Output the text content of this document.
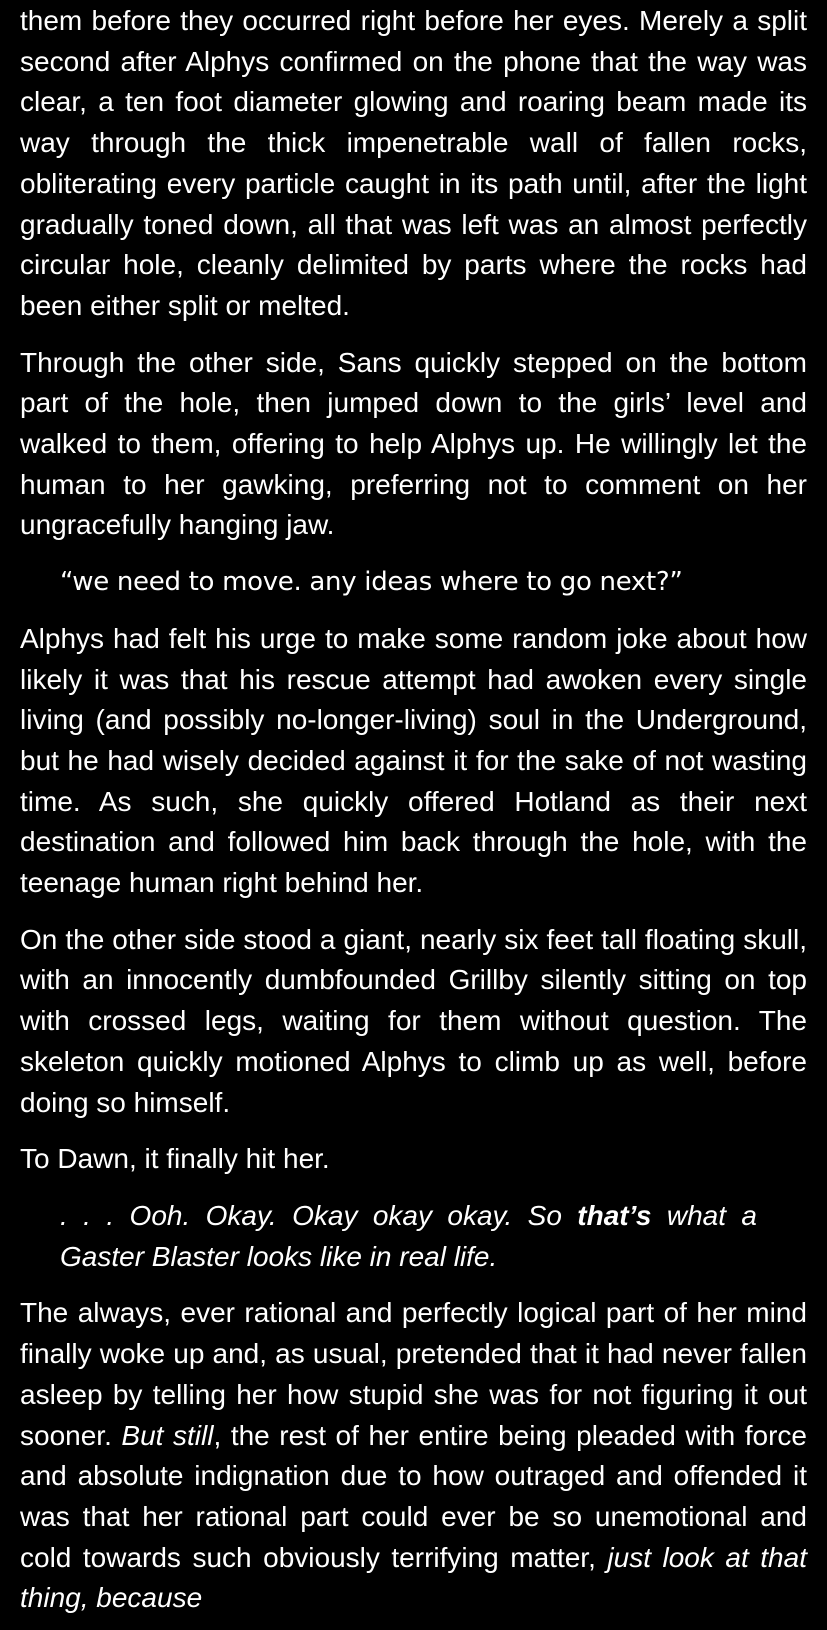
them before they occurred right before her eyes. Merely a split second after Alphys confirmed on the phone that the way was clear, a ten foot diameter glowing and roaring beam made its way through the thick impenetrable wall of fallen rocks, obliterating every particle caught in its path until, after the light gradually toned down, all that was left was an almost perfectly circular hole, cleanly delimited by parts where the rocks had been either split or melted.

Through the other side, Sans quickly stepped on the bottom part of the hole, then jumped down to the girls’ level and walked to them, offering to help Alphys up. He willingly let the human to her gawking, preferring not to comment on her ungracefully hanging jaw.

“we need to move. any ideas where to go next?”

Alphys had felt his urge to make some random joke about how likely it was that his rescue attempt had awoken every single living (and possibly no-longer-living) soul in the Underground, but he had wisely decided against it for the sake of not wasting time. As such, she quickly offered Hotland as their next destination and followed him back through the hole, with the teenage human right behind her.

On the other side stood a giant, nearly six feet tall floating skull, with an innocently dumbfounded Grillby silently sitting on top with crossed legs, waiting for them without question. The skeleton quickly motioned Alphys to climb up as well, before doing so himself.

To Dawn, it finally hit her.

. . . Ooh. Okay. Okay okay okay. So that’s what a Gaster Blaster looks like in real life.

The always, ever rational and perfectly logical part of her mind finally woke up and, as usual, pretended that it had never fallen asleep by telling her how stupid she was for not figuring it out sooner. But still, the rest of her entire being pleaded with force and absolute indignation due to how outraged and offended it was that her rational part could ever be so unemotional and cold towards such obviously terrifying matter, just look at that thing, because
